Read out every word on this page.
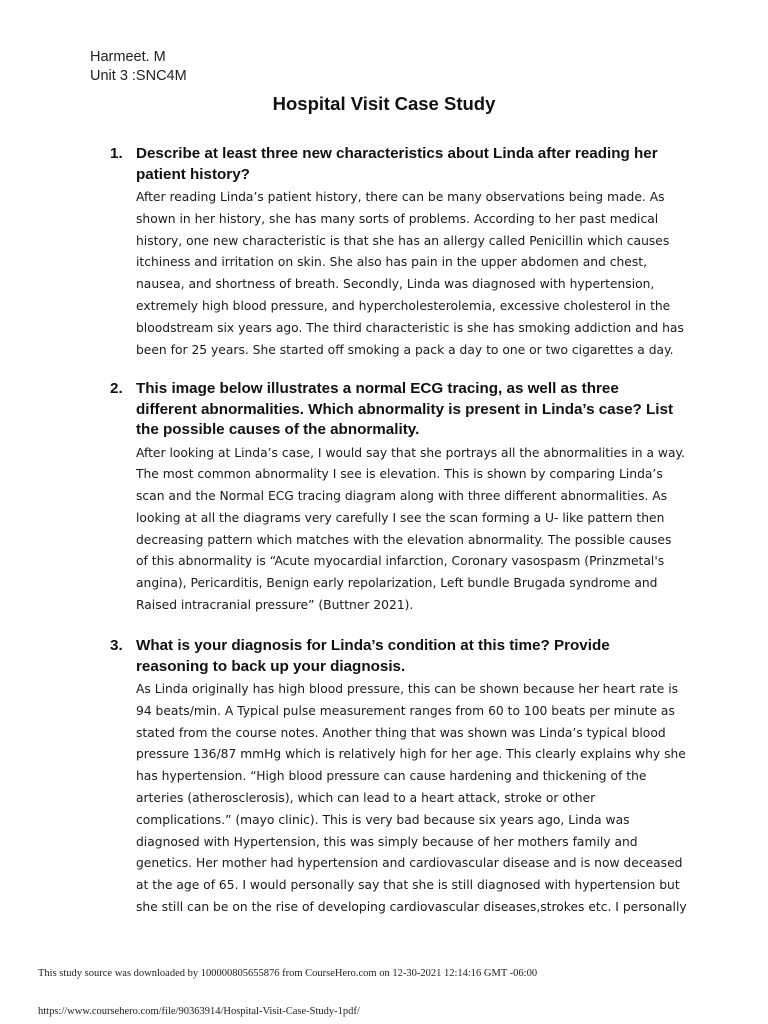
Harmeet. M
Unit 3 :SNC4M
Hospital Visit Case Study
1. Describe at least three new characteristics about Linda after reading her
patient history?
After reading Linda’s patient history, there can be many observations being made. As
shown in her history, she has many sorts of problems. According to her past medical
history, one new characteristic is that she has an allergy called Penicillin which causes
itchiness and irritation on skin. She also has pain in the upper abdomen and chest,
nausea, and shortness of breath. Secondly, Linda was diagnosed with hypertension,
extremely high blood pressure, and hypercholesterolemia, excessive cholesterol in the
bloodstream six years ago. The third characteristic is she has smoking addiction and has
been for 25 years. She started off smoking a pack a day to one or two cigarettes a day.
2. This image below illustrates a normal ECG tracing, as well as three
different abnormalities. Which abnormality is present in Linda’s case? List
the possible causes of the abnormality.
After looking at Linda’s case, I would say that she portrays all the abnormalities in a way.
The most common abnormality I see is elevation. This is shown by comparing Linda’s
scan and the Normal ECG tracing diagram along with three different abnormalities. As
looking at all the diagrams very carefully I see the scan forming a U- like pattern then
decreasing pattern which matches with the elevation abnormality. The possible causes
of this abnormality is “Acute myocardial infarction, Coronary vasospasm (Prinzmetal's
angina), Pericarditis, Benign early repolarization, Left bundle Brugada syndrome and
Raised intracranial pressure” (Buttner 2021).
3. What is your diagnosis for Linda’s condition at this time? Provide
reasoning to back up your diagnosis.
As Linda originally has high blood pressure, this can be shown because her heart rate is
94 beats/min. A Typical pulse measurement ranges from 60 to 100 beats per minute as
stated from the course notes. Another thing that was shown was Linda’s typical blood
pressure 136/87 mmHg which is relatively high for her age. This clearly explains why she
has hypertension. “High blood pressure can cause hardening and thickening of the
arteries (atherosclerosis), which can lead to a heart attack, stroke or other
complications.” (mayo clinic). This is very bad because six years ago, Linda was
diagnosed with Hypertension, this was simply because of her mothers family and
genetics. Her mother had hypertension and cardiovascular disease and is now deceased
at the age of 65. I would personally say that she is still diagnosed with hypertension but
she still can be on the rise of developing cardiovascular diseases,strokes etc. I personally
This study source was downloaded by 100000805655876 from CourseHero.com on 12-30-2021 12:14:16 GMT -06:00
https://www.coursehero.com/file/90363914/Hospital-Visit-Case-Study-1pdf/
